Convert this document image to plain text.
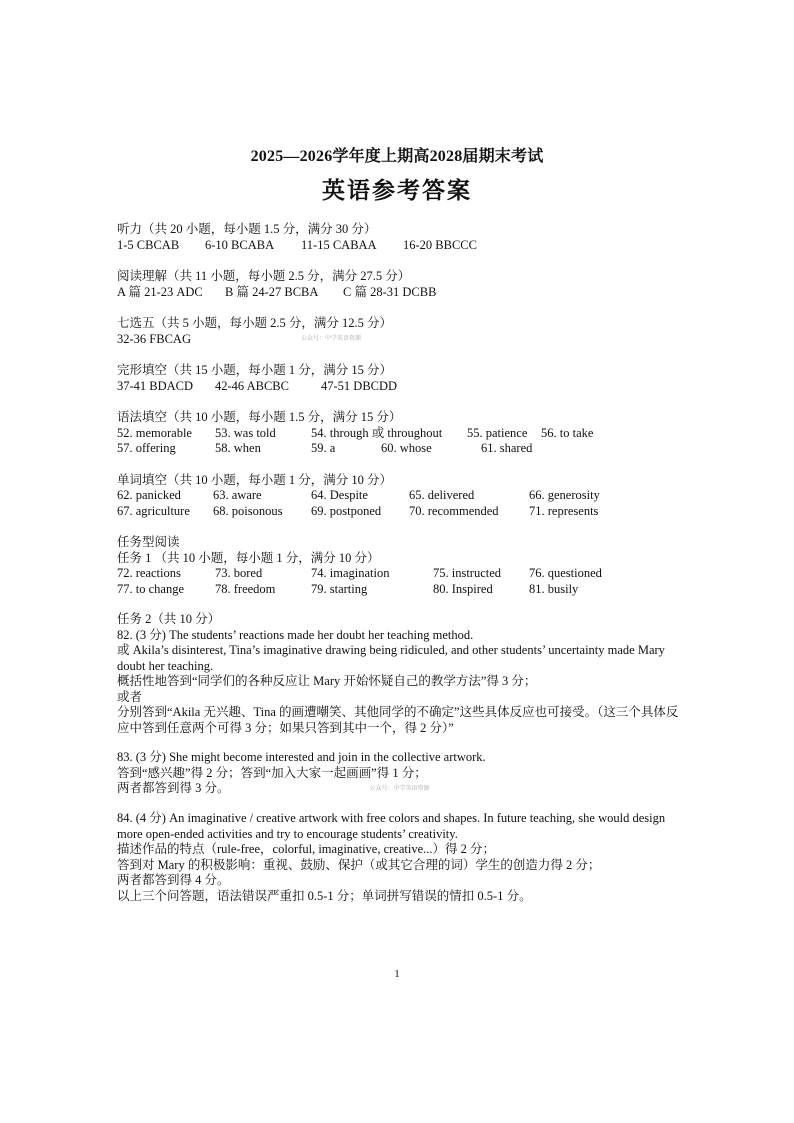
2025—2026学年度上期高2028届期末考试
英语参考答案
听力（共 20 小题，每小题 1.5 分，满分 30 分）
1-5 CBCAB 6-10 BCABA 11-15 CABAA 16-20 BBCCC
阅读理解（共 11 小题，每小题 2.5 分，满分 27.5 分）
A 篇 21-23 ADC B 篇 24-27 BCBA C 篇 28-31 DCBB
七选五（共 5 小题，每小题 2.5 分，满分 12.5 分）
32-36 FBCAG	公众号：中学英语资源
完形填空（共 15 小题，每小题 1 分，满分 15 分）
37-41 BDACD 42-46 ABCBC	47-51 DBCDD
语法填空（共 10 小题，每小题 1.5 分，满分 15 分）
52. memorable 53. was told	54. through 或 throughout 55. patience 56. to take
57. offering	58. when	59. a	60. whose	61. shared
单词填空（共 10 小题，每小题 1 分，满分 10 分）
62. panicked	63. aware	64. Despite	65. delivered	66. generosity
67. agriculture 68. poisonous 69. postponed 70. recommended 71. represents
任务型阅读
任务 1 （共 10 小题，每小题 1 分，满分 10 分）
72. reactions	73. bored	74. imagination	75. instructed 76. questioned
77. to change 78. freedom	79. starting	80. Inspired	81. busily
任务 2（共 10 分）
82. (3 分) The students’ reactions made her doubt her teaching method.
或 Akila’s disinterest, Tina’s imaginative drawing being ridiculed, and other students’ uncertainty made Mary doubt her teaching.
概括性地答到“同学们的各种反应让 Mary 开始怀疑自己的教学方法”得 3 分；
或者
分别答到“Akila 无兴趣、Tina 的画遭嘲笑、其他同学的不确定”这些具体反应也可接受。（这三个具体反应中答到任意两个可得 3 分；如果只答到其中一个，得 2 分）”
83. (3 分) She might become interested and join in the collective artwork.
答到“感兴趣”得 2 分；答到“加入大家一起画画”得 1 分；
两者都答到得 3 分。	公众号：中学英语资源
84. (4 分) An imaginative / creative artwork with free colors and shapes. In future teaching, she would design more open-ended activities and try to encourage students’ creativity.
描述作品的特点（rule-free，colorful, imaginative, creative...）得 2 分；
答到对 Mary 的积极影响：重视、鼓励、保护（或其它合理的词）学生的创造力得 2 分；
两者都答到得 4 分。
以上三个问答题，语法错误严重扣 0.5-1 分；单词拼写错误的情扣 0.5-1 分。
1
